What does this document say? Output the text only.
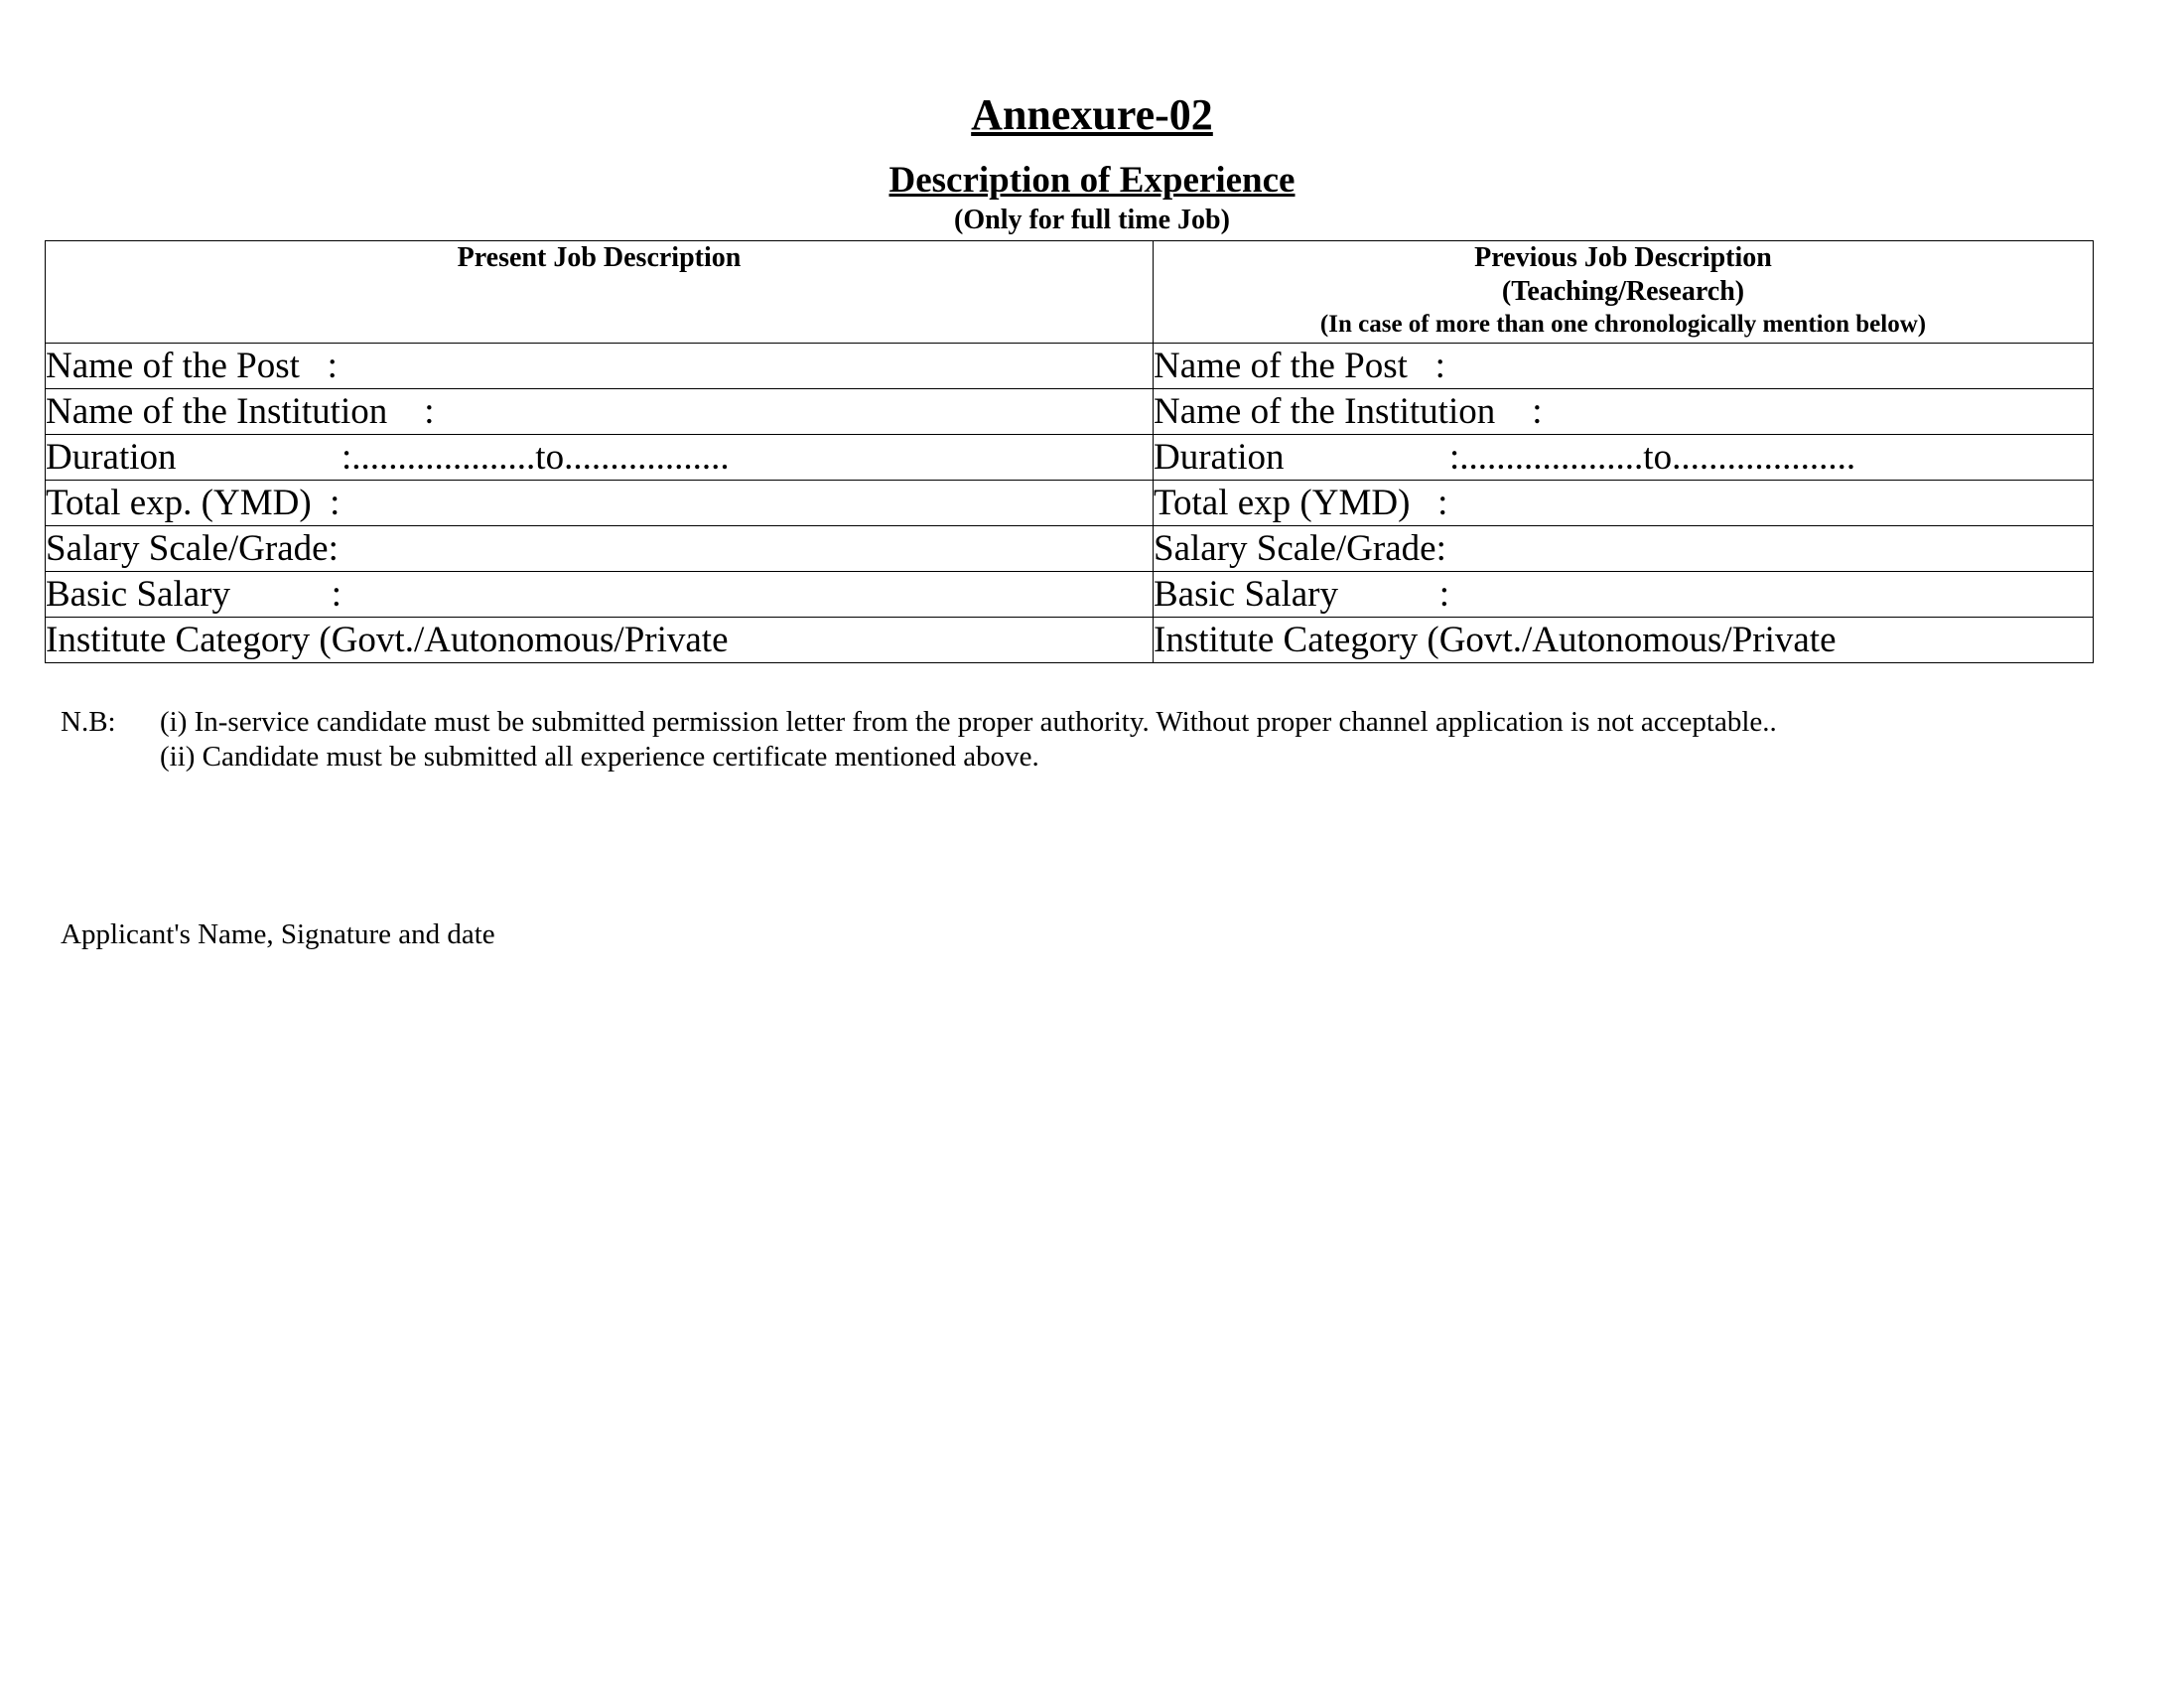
Annexure-02
Description of Experience
(Only for full time Job)
Present Job Description	Previous Job Description
(Teaching/Research)
(In case of more than one chronologically mention below)

Name of the Post   :	Name of the Post   :
Name of the Institution    :	Name of the Institution    :
Duration                  :....................to..................	Duration                  :....................to....................
Total exp. (YMD)  :	Total exp (YMD)   :
Salary Scale/Grade:	Salary Scale/Grade:
Basic Salary           :	Basic Salary           :
Institute Category (Govt./Autonomous/Private	Institute Category (Govt./Autonomous/Private
N.B: (i) In-service candidate must be submitted permission letter from the proper authority. Without proper channel application is not acceptable..
(ii) Candidate must be submitted all experience certificate mentioned above.
Applicant's Name, Signature and date
